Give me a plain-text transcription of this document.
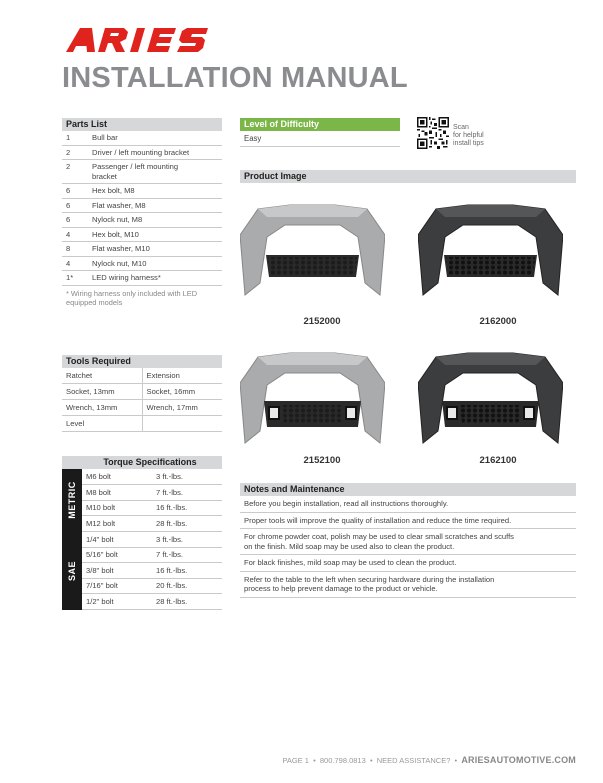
ARIES
INSTALLATION MANUAL
Parts List
1	Bull bar
2	Driver / left mounting bracket
2	Passenger / left mounting bracket
6	Hex bolt, M8
6	Flat washer, M8
6	Nylock nut, M8
4	Hex bolt, M10
8	Flat washer, M10
4	Nylock nut, M10
1*	LED wiring harness*
* Wiring harness only included with LED equipped models
Tools Required
Ratchet	Extension
Socket, 13mm	Socket, 16mm
Wrench, 13mm	Wrench, 17mm
Level	
Torque Specifications
METRIC
M6 bolt	3 ft.-lbs.
M8 bolt	7 ft.-lbs.
M10 bolt	16 ft.-lbs.
M12 bolt	28 ft.-lbs.
SAE
1/4" bolt	3 ft.-lbs.
5/16" bolt	7 ft.-lbs.
3/8" bolt	16 ft.-lbs.
7/16" bolt	20 ft.-lbs.
1/2" bolt	28 ft.-lbs.
Level of Difficulty
Easy
Scan
for helpful
install tips
Product Image
2152000	2162000
2152100	2162100
Notes and Maintenance
Before you begin installation, read all instructions thoroughly.
Proper tools will improve the quality of installation and reduce the time required.
For chrome powder coat, polish may be used to clear small scratches and scuffs on the finish. Mild soap may be used also to clean the product.
For black finishes, mild soap may be used to clean the product.
Refer to the table to the left when securing hardware during the installation process to help prevent damage to the product or vehicle.
PAGE 1  •  800.798.0813  •  NEED ASSISTANCE?  •  ARIESAUTOMOTIVE.COM
